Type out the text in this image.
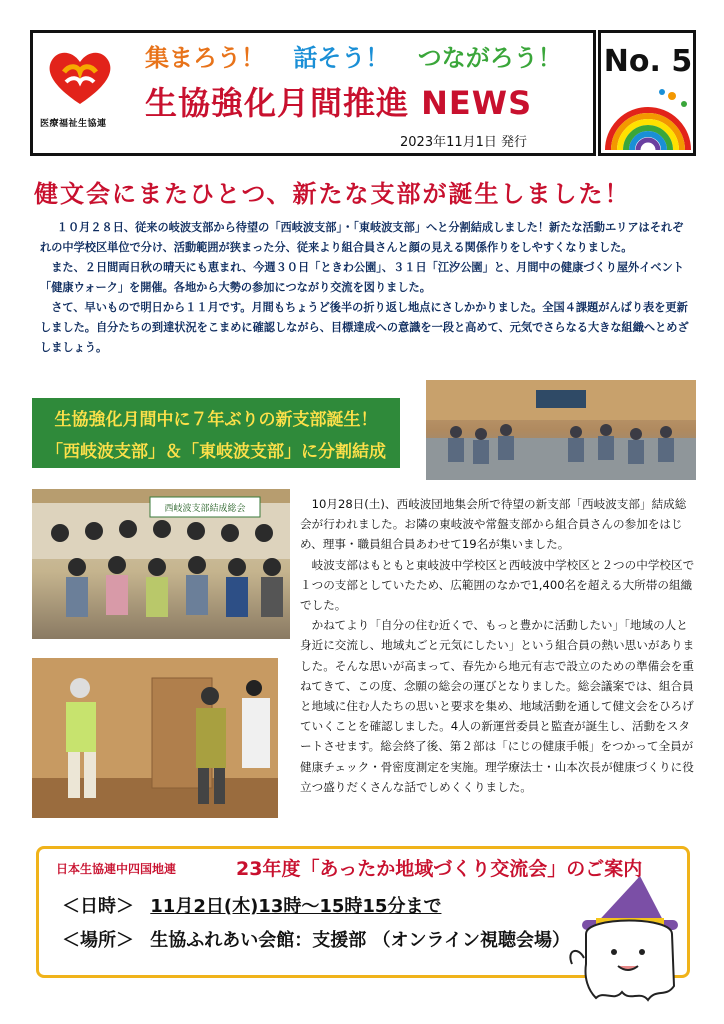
医療福祉生協連
集まろう！ 話そう！ つながろう！
生協強化月間推進 NEWS
2023年11月1日 発行
No. 5
健文会にまたひとつ、新たな支部が誕生しました！

１０月２８日、従来の岐波支部から待望の「西岐波支部」・「東岐波支部」へと分割結成しました！新たな活動エリアはそれぞれの中学校区単位で分け、活動範囲が狭まった分、従来より組合員さんと顔の見える関係作りをしやすくなりました。

また、２日間両日秋の晴天にも恵まれ、今週３０日「ときわ公園」、３１日「江汐公園」と、月間中の健康づくり屋外イベント「健康ウォーク」を開催。各地から大勢の参加につながり交流を図りました。

さて、早いもので明日から１１月です。月間もちょうど後半の折り返し地点にさしかかりました。全国４課題がんばり表を更新しました。自分たちの到達状況をこまめに確認しながら、目標達成への意識を一段と高めて、元気でさらなる大きな組織へとめざしましょう。

生協強化月間中に７年ぶりの新支部誕生！
「西岐波支部」＆「東岐波支部」に分割結成
西岐波支部結成総会	10月28日(土)、西岐波団地集会所で待望の新支部「西岐波支部」結成総会が行われました。お隣の東岐波や常盤支部から組合員さんの参加をはじめ、理事・職員組合員あわせて19名が集いました。

岐波支部はもともと東岐波中学校区と西岐波中学校区と２つの中学校区で１つの支部としていたため、広範囲のなかで1,400名を超える大所帯の組織でした。

かねてより「自分の住む近くで、もっと豊かに活動したい」「地域の人と身近に交流し、地域丸ごと元気にしたい」という組合員の熱い思いがありました。そんな思いが高まって、春先から地元有志で設立のための準備会を重ねてきて、この度、念願の総会の運びとなりました。総会議案では、組合員と地域に住む人たちの思いと要求を集め、地域活動を通して健文会をひろげていくことを確認しました。4人の新運営委員と監査が誕生し、活動をスタートさせます。総会終了後、第２部は「にじの健康手帳」をつかって全員が健康チェック・骨密度測定を実施。理学療法士・山本次長が健康づくりに役立つ盛りだくさんな話でしめくくりました。

日本生協連中四国地連	23年度「あったか地域づくり交流会」のご案内
＜日時＞ 11月2日(木)13時～15時15分まで
＜場所＞ 生協ふれあい会館：支援部 （オンライン視聴会場）
